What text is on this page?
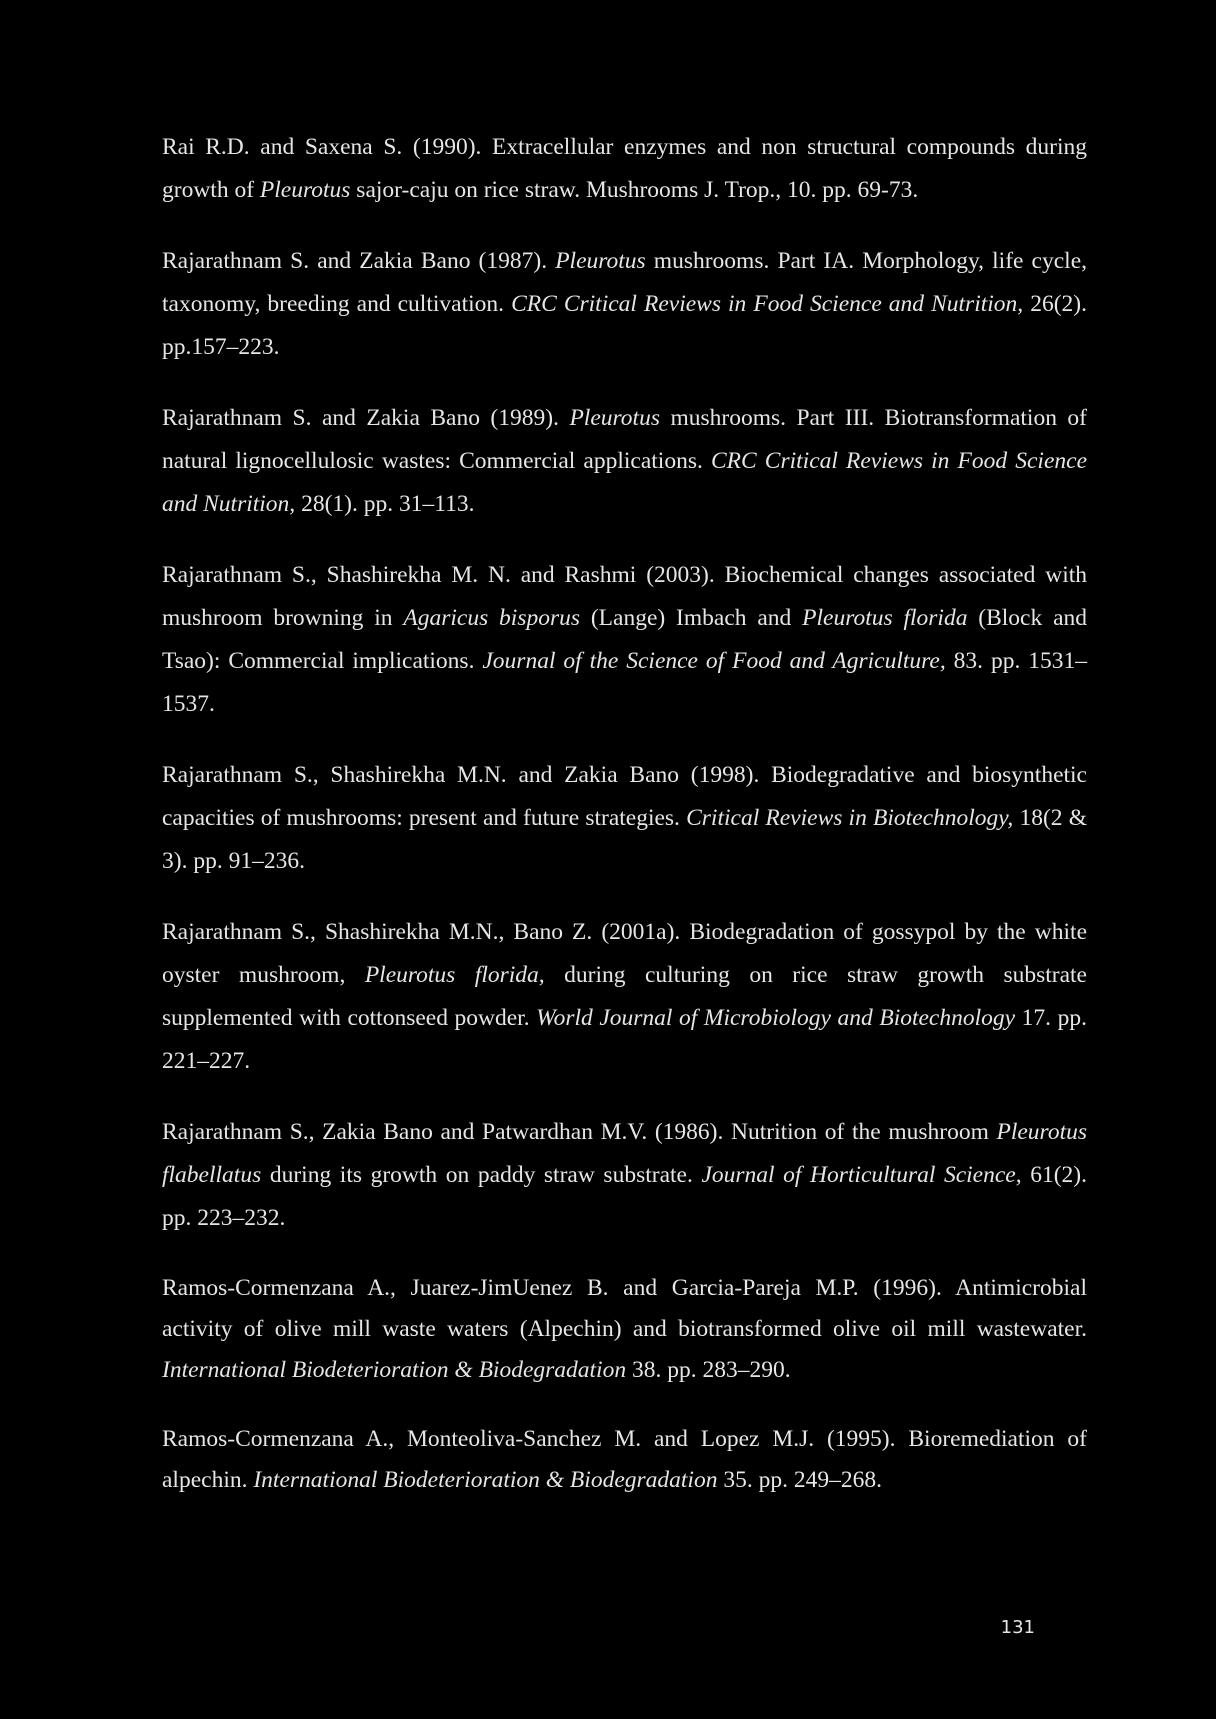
Rai R.D. and Saxena S. (1990). Extracellular enzymes and non structural compounds during growth of Pleurotus sajor-caju on rice straw. Mushrooms J. Trop., 10. pp. 69-73.

Rajarathnam S. and Zakia Bano (1987). Pleurotus mushrooms. Part IA. Morphology, life cycle, taxonomy, breeding and cultivation. CRC Critical Reviews in Food Science and Nutrition, 26(2). pp.157–223.

Rajarathnam S. and Zakia Bano (1989). Pleurotus mushrooms. Part III. Biotransformation of natural lignocellulosic wastes: Commercial applications. CRC Critical Reviews in Food Science and Nutrition, 28(1). pp. 31–113.

Rajarathnam S., Shashirekha M. N. and Rashmi (2003). Biochemical changes associated with mushroom browning in Agaricus bisporus (Lange) Imbach and Pleurotus florida (Block and Tsao): Commercial implications. Journal of the Science of Food and Agriculture, 83. pp. 1531–1537.

Rajarathnam S., Shashirekha M.N. and Zakia Bano (1998). Biodegradative and biosynthetic capacities of mushrooms: present and future strategies. Critical Reviews in Biotechnology, 18(2 & 3). pp. 91–236.

Rajarathnam S., Shashirekha M.N., Bano Z. (2001a). Biodegradation of gossypol by the white oyster mushroom, Pleurotus florida, during culturing on rice straw growth substrate supplemented with cottonseed powder. World Journal of Microbiology and Biotechnology 17. pp. 221–227.

Rajarathnam S., Zakia Bano and Patwardhan M.V. (1986). Nutrition of the mushroom Pleurotus flabellatus during its growth on paddy straw substrate. Journal of Horticultural Science, 61(2). pp. 223–232.

Ramos-Cormenzana A., Juarez-JimUenez B. and Garcia-Pareja M.P. (1996). Antimicrobial activity of olive mill waste waters (Alpechin) and biotransformed olive oil mill wastewater. International Biodeterioration & Biodegradation 38. pp. 283–290.

Ramos-Cormenzana A., Monteoliva-Sanchez M. and Lopez M.J. (1995). Bioremediation of alpechin. International Biodeterioration & Biodegradation 35. pp. 249–268.

131
